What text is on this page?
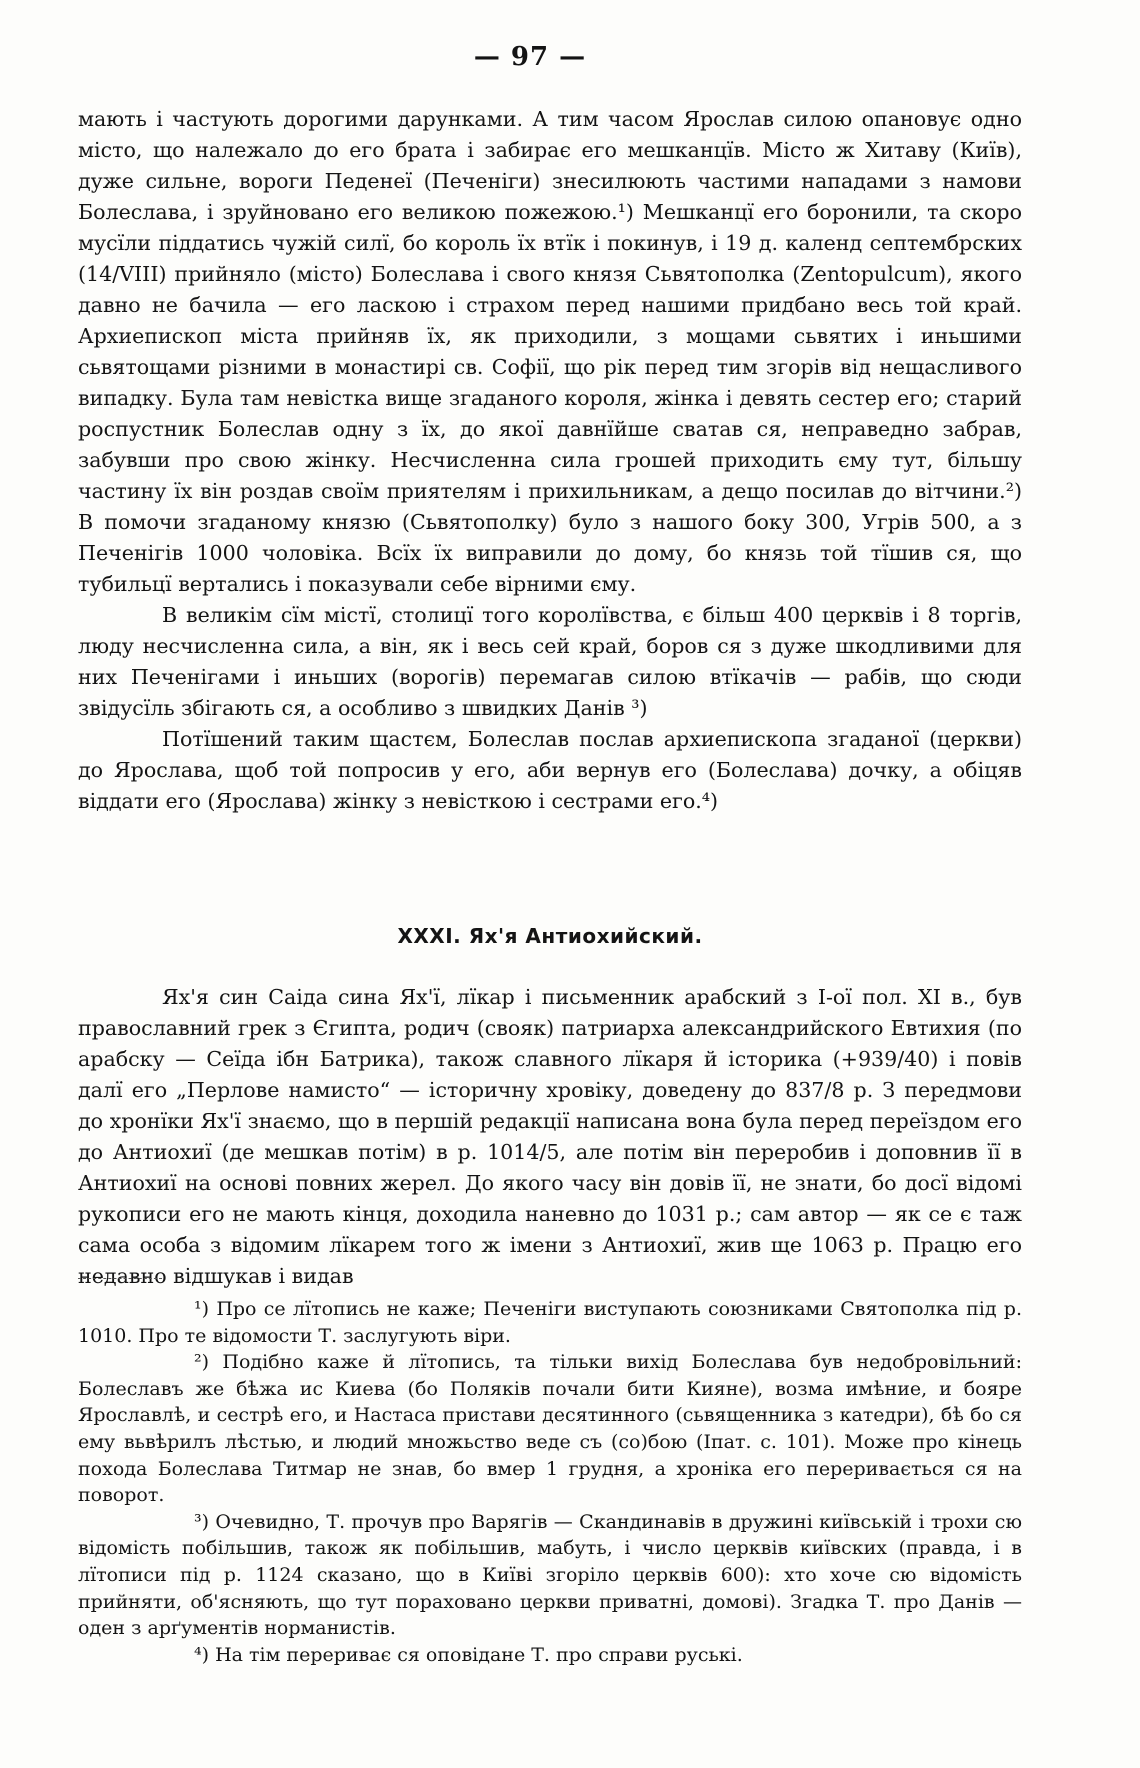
— 97 —

мають і частують дорогими дарунками. А тим часом Ярослав силою опановує одно місто, що належало до его брата і забирає его мешканцїв. Місто ж Хитаву (Київ), дуже сильне, вороги Педенеї (Печеніги) знесилюють частими нападами з намови Болеслава, і зруйновано его великою пожежою.¹) Мешканцї его боронили, та скоро мусїли піддатись чужій силї, бо король їх втїк і покинув, і 19 д. календ септембрских (14/VIII) прийняло (місто) Болеслава і свого князя Сьвятополка (Zentopulcum), якого давно не бачила — его ласкою і страхом перед нашими придбано весь той край. Архиепископ міста прийняв їх, як приходили, з мощами сьвятих і иньшими сьвятощами різними в монастирі св. Софії, що рік перед тим згорів від нещасливого випадку. Була там невістка вище згаданого короля, жінка і девять сестер его; старий роспустник Болеслав одну з їх, до якої давнїйше сватав ся, неправедно забрав, забувши про свою жінку. Несчисленна сила грошей приходить єму тут, більшу частину їх він роздав своїм приятелям і прихильникам, а дещо посилав до вітчини.²) В помочи згаданому князю (Сьвятополку) було з нашого боку 300, Угрів 500, а з Печенігів 1000 чоловіка. Всїх їх виправили до дому, бо князь той тїшив ся, що тубильцї вертались і показували себе вірними єму.

В великім сїм містї, столицї того королївства, є більш 400 церквів і 8 торгів, люду несчисленна сила, а він, як і весь сей край, боров ся з дуже шкодливими для них Печенігами і иньших (ворогів) перемагав силою втїкачів — рабів, що сюди звідусїль збігають ся, а особливо з швидких Данів ³)

Потїшений таким щастєм, Болеслав послав архиепископа згаданої (церкви) до Ярослава, щоб той попросив у его, аби вернув его (Болеслава) дочку, а обіцяв віддати его (Ярослава) жінку з невісткою і сестрами его.⁴)

XXXI. Ях'я Антиохийский.

Ях'я син Саіда сина Ях'ї, лїкар і письменник арабский з І-ої пол. XI в., був православний грек з Єгипта, родич (свояк) патриарха александрийского Евтихия (по арабску — Сеїда ібн Батрика), також славного лїкаря й історика (+939/40) і повів далї его „Перлове намисто“ — історичну хровіку, доведену до 837/8 р. З передмови до хронїки Ях'ї знаємо, що в першій редакції написана вона була перед переїздом его до Антиохиї (де мешкав потім) в р. 1014/5, але потім він переробив і доповнив її в Антиохиї на основі повних жерел. До якого часу він довів її, не знати, бо досї відомі рукописи его не мають кінця, доходила наневно до 1031 р.; сам автор — як се є таж сама особа з відомим лїкарем того ж імени з Антиохиї, жив ще 1063 р. Працю его недавно відшукав і видав

¹) Про се лїтопись не каже; Печеніги виступають союзниками Святополка під р. 1010. Про те відомости Т. заслугують віри.

²) Подібно каже й лїтопись, та тільки вихід Болеслава був недобровільний: Болеславъ же бѣжа ис Киева (бо Поляків почали бити Кияне), возма имѣние, и бояре Ярославлѣ, и сестрѣ его, и Настаса пристави десятинного (сьвященника з катедри), бѣ бо ся ему вьвѣрилъ лѣстью, и людий множьство веде съ (со)бою (Іпат. с. 101). Може про кінець похода Болеслава Титмар не знав, бо вмер 1 грудня, а хроніка его переривається ся на поворот.

³) Очевидно, Т. прочув про Варягів — Скандинавів в дружині київській і трохи сю відомість побільшив, також як побільшив, мабуть, і число церквів київских (правда, і в лїтописи під р. 1124 сказано, що в Київі згоріло церквів 600): хто хоче сю відомість прийняти, об'ясняють, що тут пораховано церкви приватні, домові). Згадка Т. про Данів — оден з арґументів норманистів.

⁴) На тім перериває ся оповідане Т. про справи руські.
